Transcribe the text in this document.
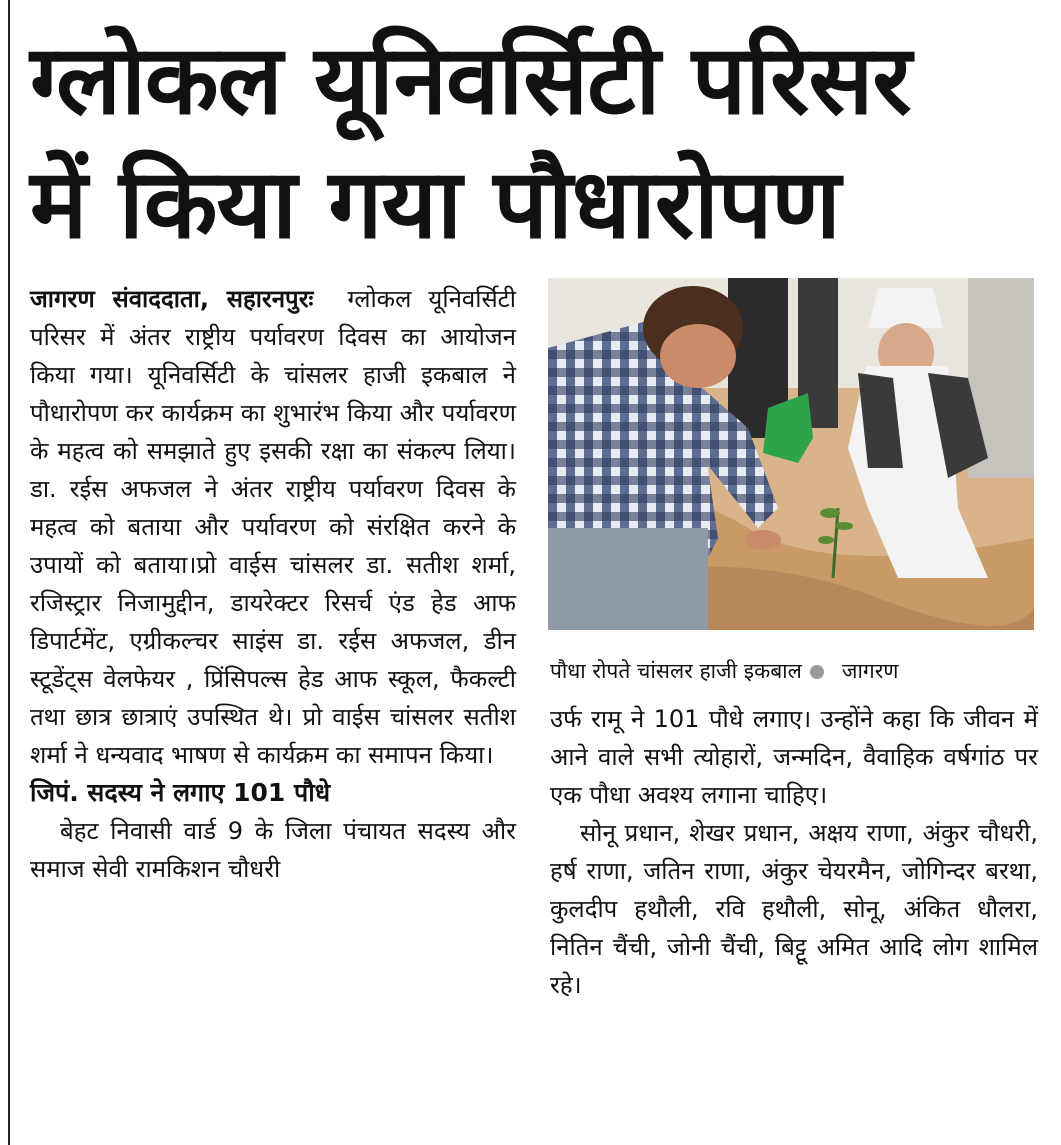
ग्लोकल यूनिवर्सिटी परिसर
में किया गया पौधारोपण

जागरण संवाददाता, सहारनपुरः ग्लोकल यूनिवर्सिटी परिसर में अंतर राष्ट्रीय पर्यावरण दिवस का आयोजन किया गया। यूनिवर्सिटी के चांसलर हाजी इकबाल ने पौधारोपण कर कार्यक्रम का शुभारंभ किया और पर्यावरण के महत्व को समझाते हुए इसकी रक्षा का संकल्प लिया। डा. रईस अफजल ने अंतर राष्ट्रीय पर्यावरण दिवस के महत्व को बताया और पर्यावरण को संरक्षित करने के उपायों को बताया।प्रो वाईस चांसलर डा. सतीश शर्मा, रजिस्ट्रार निजामुद्दीन, डायरेक्टर रिसर्च एंड हेड आफ डिपार्टमेंट, एग्रीकल्चर साइंस डा. रईस अफजल, डीन स्टूडेंट्स वेलफेयर , प्रिंसिपल्स हेड आफ स्कूल, फैकल्टी तथा छात्र छात्राएं उपस्थित थे। प्रो वाईस चांसलर सतीश शर्मा ने धन्यवाद भाषण से कार्यक्रम का समापन किया।

जिपं. सदस्य ने लगाए 101 पौधे

बेहट निवासी वार्ड 9 के जिला पंचायत सदस्य और समाज सेवी रामकिशन चौधरी

पौधा रोपते चांसलर हाजी इकबाल जागरण

उर्फ रामू ने 101 पौधे लगाए। उन्होंने कहा कि जीवन में आने वाले सभी त्योहारों, जन्मदिन, वैवाहिक वर्षगांठ पर एक पौधा अवश्य लगाना चाहिए।

सोनू प्रधान, शेखर प्रधान, अक्षय राणा, अंकुर चौधरी, हर्ष राणा, जतिन राणा, अंकुर चेयरमैन, जोगिन्दर बरथा, कुलदीप हथौली, रवि हथौली, सोनू, अंकित धौलरा, नितिन चैंची, जोनी चैंची, बिट्टू अमित आदि लोग शामिल रहे।
